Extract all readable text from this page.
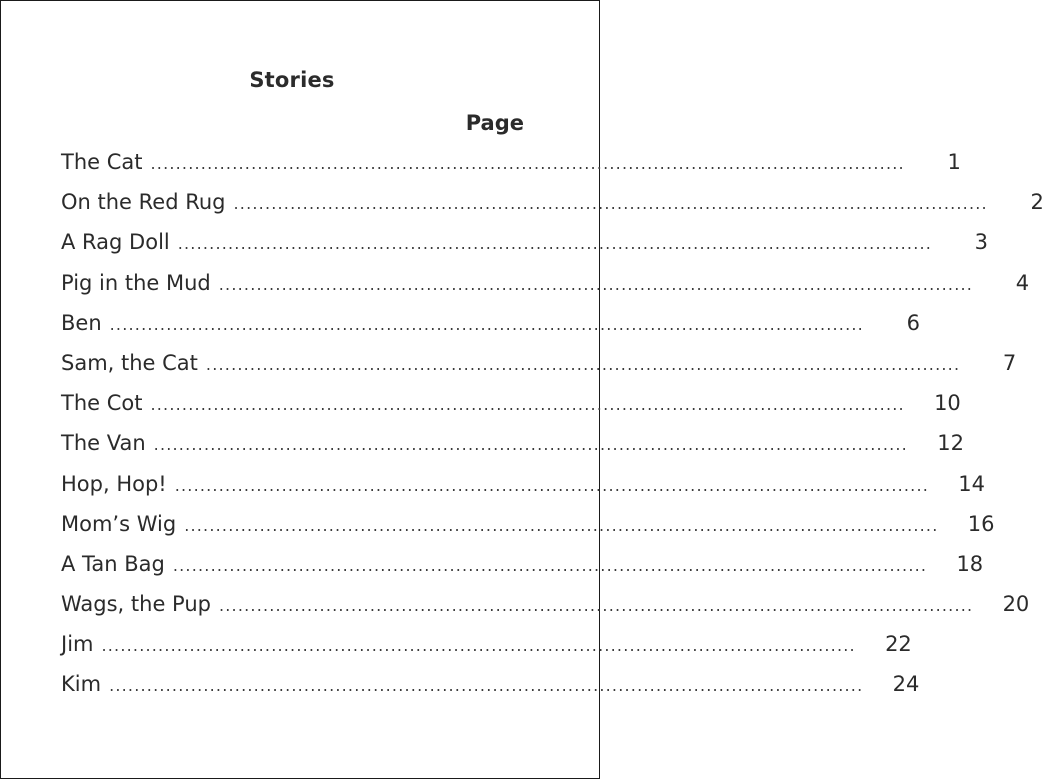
Stories
Page
The Cat ........................................................................................................................	1
On the Red Rug ........................................................................................................................	2
A Rag Doll ........................................................................................................................	3
Pig in the Mud ........................................................................................................................	4
Ben ........................................................................................................................	6
Sam, the Cat ........................................................................................................................	7
The Cot ........................................................................................................................ 10
The Van ........................................................................................................................ 12
Hop, Hop! ........................................................................................................................ 14
Mom’s Wig ........................................................................................................................ 16
A Tan Bag ........................................................................................................................ 18
Wags, the Pup ........................................................................................................................ 20
Jim ........................................................................................................................ 22
Kim ........................................................................................................................ 24
